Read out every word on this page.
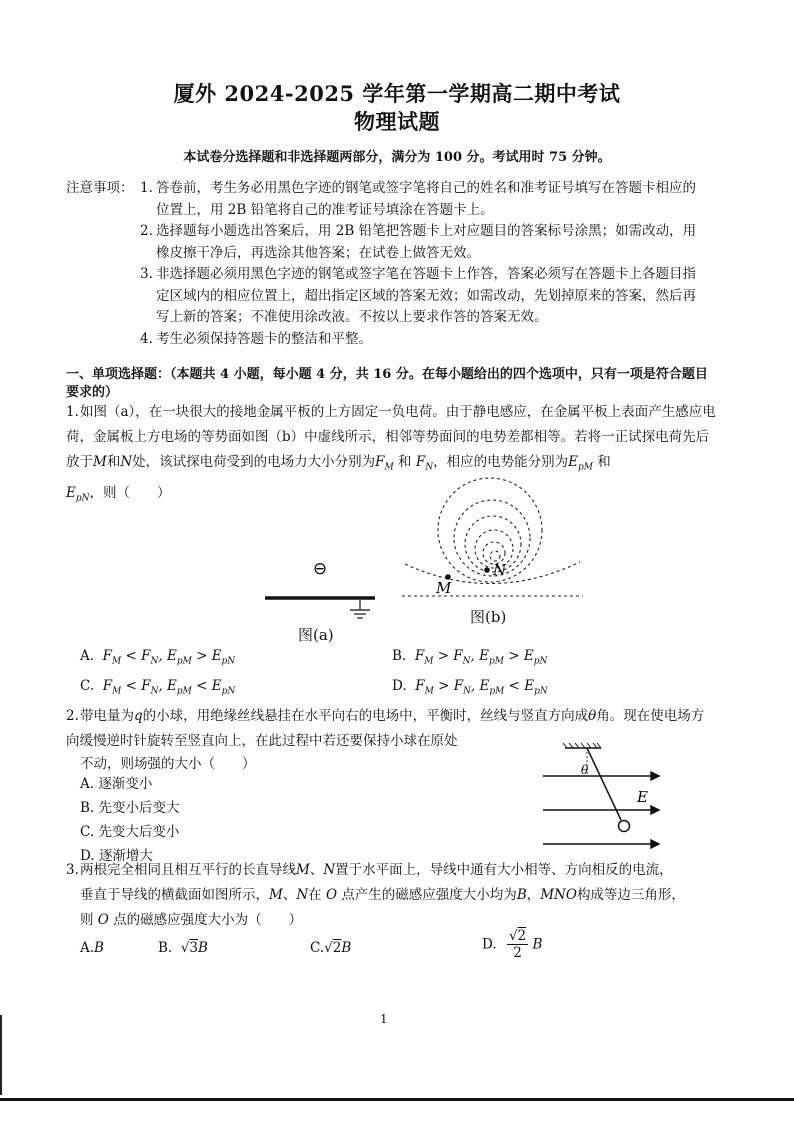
厦外 2024-2025 学年第一学期高二期中考试
物理试题
本试卷分选择题和非选择题两部分，满分为 100 分。考试用时 75 分钟。
注意事项： 1. 答卷前，考生务必用黑色字迹的钢笔或签字笔将自己的姓名和准考证号填写在答题卡相应的位置上，用 2B 铅笔将自己的准考证号填涂在答题卡上。
2. 选择题每小题选出答案后，用 2B 铅笔把答题卡上对应题目的答案标号涂黑；如需改动，用橡皮擦干净后，再选涂其他答案；在试卷上做答无效。
3. 非选择题必须用黑色字迹的钢笔或签字笔在答题卡上作答，答案必须写在答题卡上各题目指定区域内的相应位置上，超出指定区域的答案无效；如需改动，先划掉原来的答案，然后再写上新的答案；不准使用涂改液。不按以上要求作答的答案无效。
4. 考生必须保持答题卡的整洁和平整。
一、单项选择题：（本题共 4 小题，每小题 4 分，共 16 分。在每小题给出的四个选项中，只有一项是符合题目要求的）
1.如图（a），在一块很大的接地金属平板的上方固定一负电荷。由于静电感应，在金属平板上表面产生感应电荷，金属板上方电场的等势面如图（b）中虚线所示，相邻等势面间的电势差都相等。若将一正试探电荷先后放于M和N处，该试探电荷受到的电场力大小分别为$F_M$ 和 $F_N$，相应的电势能分别为$E_{pM}$ 和 $E_{pN}$，则（　　）
⊖
图(a)
M
N
图(b)
A. $F_M < F_N$, $E_{pM} > E_{pN}$	B. $F_M > F_N$, $E_{pM} > E_{pN}$
C. $F_M < F_N$, $E_{pM} < E_{pN}$	D. $F_M > F_N$, $E_{pM} < E_{pN}$
2.带电量为q的小球，用绝缘丝线悬挂在水平向右的电场中，平衡时，丝线与竖直方向成θ角。现在使电场方向缓慢逆时针旋转至竖直向上，在此过程中若还要保持小球在原处
不动，则场强的大小（　　）
A. 逐渐变小
B. 先变小后变大
C. 先变大后变小
D. 逐渐增大
θ
E
3.两根完全相同且相互平行的长直导线M、N置于水平面上，导线中通有大小相等、方向相反的电流，
垂直于导线的横截面如图所示，M、N在 O 点产生的磁感应强度大小均为B，MNO构成等边三角形，
则 O 点的磁感应强度大小为（　　）
A.B	B. √3B	C.√2B	D. $\frac{√2}{2}$ B
1
